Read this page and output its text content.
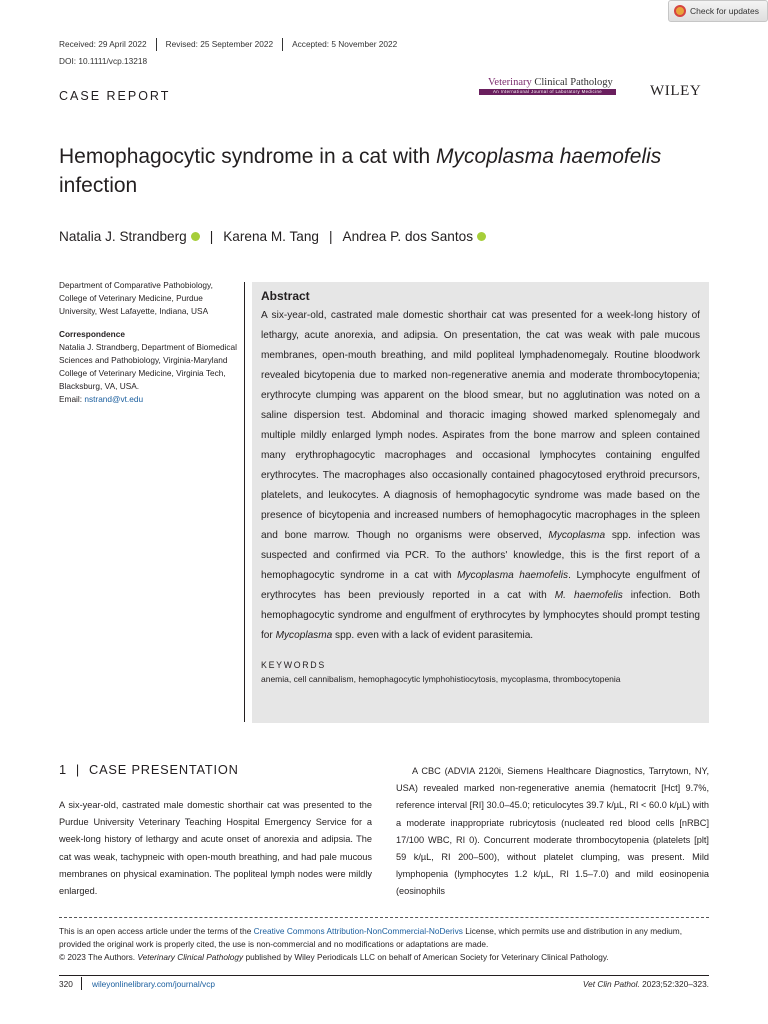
Check for updates
Received: 29 April 2022	Revised: 25 September 2022	Accepted: 5 November 2022
DOI: 10.1111/vcp.13218
CASE REPORT
Veterinary Clinical Pathology
An International Journal of Laboratory Medicine	WILEY
Hemophagocytic syndrome in a cat with Mycoplasma haemofelis infection
Natalia J. Strandberg | Karena M. Tang | Andrea P. dos Santos
Department of Comparative Pathobiology, College of Veterinary Medicine, Purdue University, West Lafayette, Indiana, USA
Correspondence
Natalia J. Strandberg, Department of Biomedical Sciences and Pathobiology, Virginia-Maryland College of Veterinary Medicine, Virginia Tech, Blacksburg, VA, USA.
Email: nstrand@vt.edu
Abstract

A six-year-old, castrated male domestic shorthair cat was presented for a week-long history of lethargy, acute anorexia, and adipsia. On presentation, the cat was weak with pale mucous membranes, open-mouth breathing, and mild popliteal lymphadenomegaly. Routine bloodwork revealed bicytopenia due to marked non-regenerative anemia and moderate thrombocytopenia; erythrocyte clumping was apparent on the blood smear, but no agglutination was noted on a saline dispersion test. Abdominal and thoracic imaging showed marked splenomegaly and multiple mildly enlarged lymph nodes. Aspirates from the bone marrow and spleen contained many erythrophagocytic macrophages and occasional lymphocytes containing engulfed erythrocytes. The macrophages also occasionally contained phagocytosed erythroid precursors, platelets, and leukocytes. A diagnosis of hemophagocytic syndrome was made based on the presence of bicytopenia and increased numbers of hemophagocytic macrophages in the spleen and bone marrow. Though no organisms were observed, Mycoplasma spp. infection was suspected and confirmed via PCR. To the authors' knowledge, this is the first report of a hemophagocytic syndrome in a cat with Mycoplasma haemofelis. Lymphocyte engulfment of erythrocytes has been previously reported in a cat with M. haemofelis infection. Both hemophagocytic syndrome and engulfment of erythrocytes by lymphocytes should prompt testing for Mycoplasma spp. even with a lack of evident parasitemia.

KEYWORDS
anemia, cell cannibalism, hemophagocytic lymphohistiocytosis, mycoplasma, thrombocytopenia
1 | CASE PRESENTATION
A six-year-old, castrated male domestic shorthair cat was presented to the Purdue University Veterinary Teaching Hospital Emergency Service for a week-long history of lethargy and acute onset of anorexia and adipsia. The cat was weak, tachypneic with open-mouth breathing, and had pale mucous membranes on physical examination. The popliteal lymph nodes were mildly enlarged.
A CBC (ADVIA 2120i, Siemens Healthcare Diagnostics, Tarrytown, NY, USA) revealed marked non-regenerative anemia (hematocrit [Hct] 9.7%, reference interval [RI] 30.0–45.0; reticulocytes 39.7 k/µL, RI < 60.0 k/µL) with a moderate inappropriate rubricytosis (nucleated red blood cells [nRBC] 17/100 WBC, RI 0). Concurrent moderate thrombocytopenia (platelets [plt] 59 k/µL, RI 200–500), without platelet clumping, was present. Mild lymphopenia (lymphocytes 1.2 k/µL, RI 1.5–7.0) and mild eosinopenia (eosinophils
This is an open access article under the terms of the Creative Commons Attribution-NonCommercial-NoDerivs License, which permits use and distribution in any medium, provided the original work is properly cited, the use is non-commercial and no modifications or adaptations are made.
© 2023 The Authors. Veterinary Clinical Pathology published by Wiley Periodicals LLC on behalf of American Society for Veterinary Clinical Pathology.
320 wileyonlinelibrary.com/journal/vcp	Vet Clin Pathol. 2023;52:320–323.
